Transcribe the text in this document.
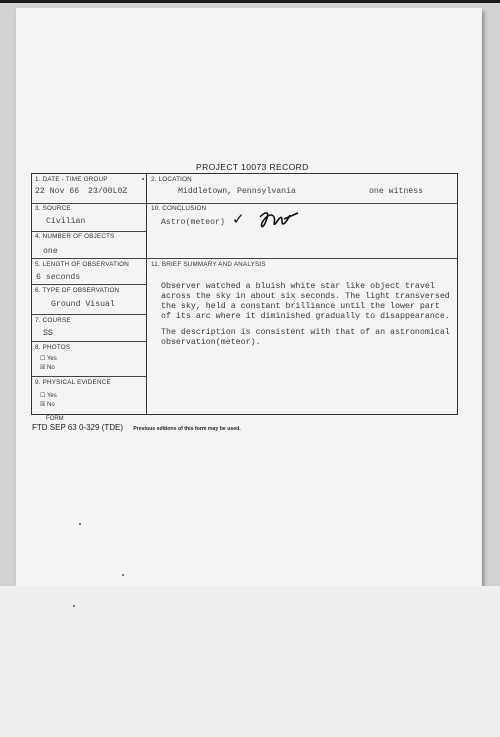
PROJECT 10073 RECORD
1. DATE - TIME GROUP
22 Nov 66 23/00L0Z
2. LOCATION
Middletown, Pennsylvania	one witness
3. SOURCE
Civilian
10. CONCLUSION
Astro(meteor) ✓
4. NUMBER OF OBJECTS
one
5. LENGTH OF OBSERVATION
6 seconds
11. BRIEF SUMMARY AND ANALYSIS

Observer watched a bluish white star like object travel across the sky in about six seconds. The light transversed the sky, held a constant brilliance until the lower part of its arc where it diminished gradually to disappearance.

The description is consistent with that of an astronomical observation(meteor).

6. TYPE OF OBSERVATION
Ground Visual
7. COURSE
SS
8. PHOTOS
☐ Yes
☒ No
9. PHYSICAL EVIDENCE
☐ Yes
☒ No
FORM
FTD SEP 63 0-329 (TDE) Previous editions of this form may be used.
